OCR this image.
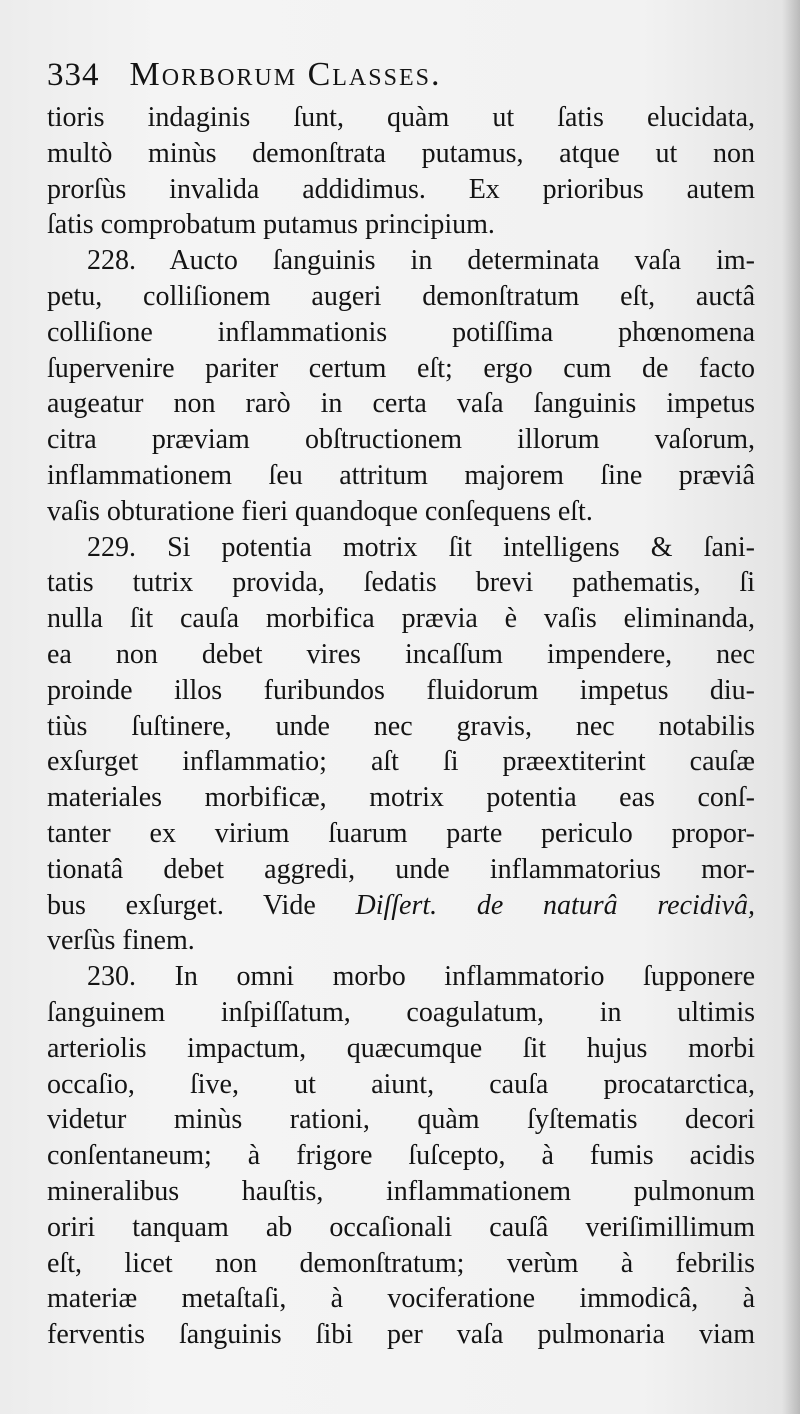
334 Morborum Classes.
tioris indaginis ſunt, quàm ut ſatis elucidata,
multò minùs demonſtrata putamus, atque ut non
prorſùs invalida addidimus. Ex prioribus autem
ſatis comprobatum putamus principium.
228. Aucto ſanguinis in determinata vaſa im-
petu, colliſionem augeri demonſtratum eſt, auctâ
colliſione inflammationis potiſſima phœnomena
ſupervenire pariter certum eſt; ergo cum de facto
augeatur non rarò in certa vaſa ſanguinis impetus
citra præviam obſtructionem illorum vaſorum,
inflammationem ſeu attritum majorem ſine præviâ
vaſis obturatione fieri quandoque conſequens eſt.
229. Si potentia motrix ſit intelligens & ſani-
tatis tutrix provida, ſedatis brevi pathematis, ſi
nulla ſit cauſa morbifica prævia è vaſis eliminanda,
ea non debet vires incaſſum impendere, nec
proinde illos furibundos fluidorum impetus diu-
tiùs ſuſtinere, unde nec gravis, nec notabilis
exſurget inflammatio; aſt ſi præextiterint cauſæ
materiales morbificæ, motrix potentia eas conſ-
tanter ex virium ſuarum parte periculo propor-
tionatâ debet aggredi, unde inflammatorius mor-
bus exſurget. Vide Diſſert. de naturâ recidivâ,
verſùs finem.
230. In omni morbo inflammatorio ſupponere
ſanguinem inſpiſſatum, coagulatum, in ultimis
arteriolis impactum, quæcumque ſit hujus morbi
occaſio, ſive, ut aiunt, cauſa procatarctica,
videtur minùs rationi, quàm ſyſtematis decori
conſentaneum; à frigore ſuſcepto, à fumis acidis
mineralibus hauſtis, inflammationem pulmonum
oriri tanquam ab occaſionali cauſâ veriſimillimum
eſt, licet non demonſtratum; verùm à febrilis
materiæ metaſtaſi, à vociferatione immodicâ, à
ferventis ſanguinis ſibi per vaſa pulmonaria viam
